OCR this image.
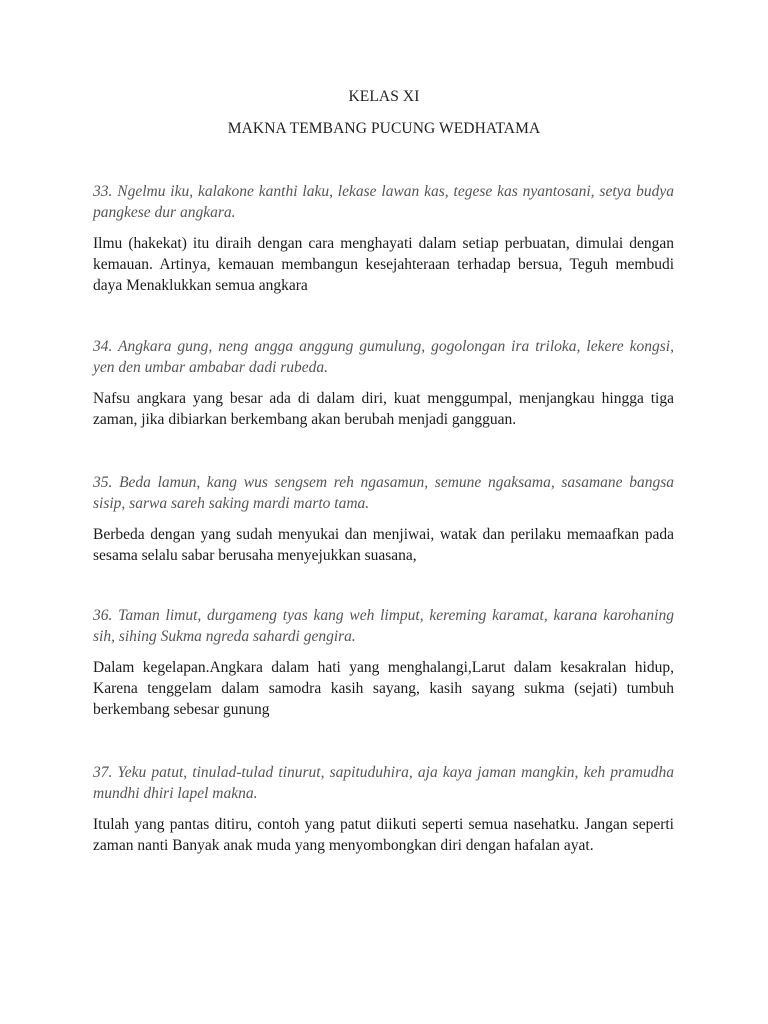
KELAS XI
MAKNA TEMBANG PUCUNG WEDHATAMA

33. Ngelmu iku, kalakone kanthi laku, lekase lawan kas, tegese kas nyantosani, setya budya pangkese dur angkara.

Ilmu (hakekat) itu diraih dengan cara menghayati dalam setiap perbuatan, dimulai dengan kemauan. Artinya, kemauan membangun kesejahteraan terhadap bersua, Teguh membudi daya Menaklukkan semua angkara

34. Angkara gung, neng angga anggung gumulung, gogolongan ira triloka, lekere kongsi, yen den umbar ambabar dadi rubeda.

Nafsu angkara yang besar ada di dalam diri, kuat menggumpal, menjangkau hingga tiga zaman, jika dibiarkan berkembang akan berubah menjadi gangguan.

35. Beda lamun, kang wus sengsem reh ngasamun, semune ngaksama, sasamane bangsa sisip, sarwa sareh saking mardi marto tama.

Berbeda dengan yang sudah menyukai dan menjiwai, watak dan perilaku memaafkan pada sesama selalu sabar berusaha menyejukkan suasana,

36. Taman limut, durgameng tyas kang weh limput, kereming karamat, karana karohaning sih, sihing Sukma ngreda sahardi gengira.

Dalam kegelapan.Angkara dalam hati yang menghalangi,Larut dalam kesakralan hidup, Karena tenggelam dalam samodra kasih sayang, kasih sayang sukma (sejati) tumbuh berkembang sebesar gunung

37. Yeku patut, tinulad-tulad tinurut, sapituduhira, aja kaya jaman mangkin, keh pramudha mundhi dhiri lapel makna.

Itulah yang pantas ditiru, contoh yang patut diikuti seperti semua nasehatku. Jangan seperti zaman nanti Banyak anak muda yang menyombongkan diri dengan hafalan ayat.
